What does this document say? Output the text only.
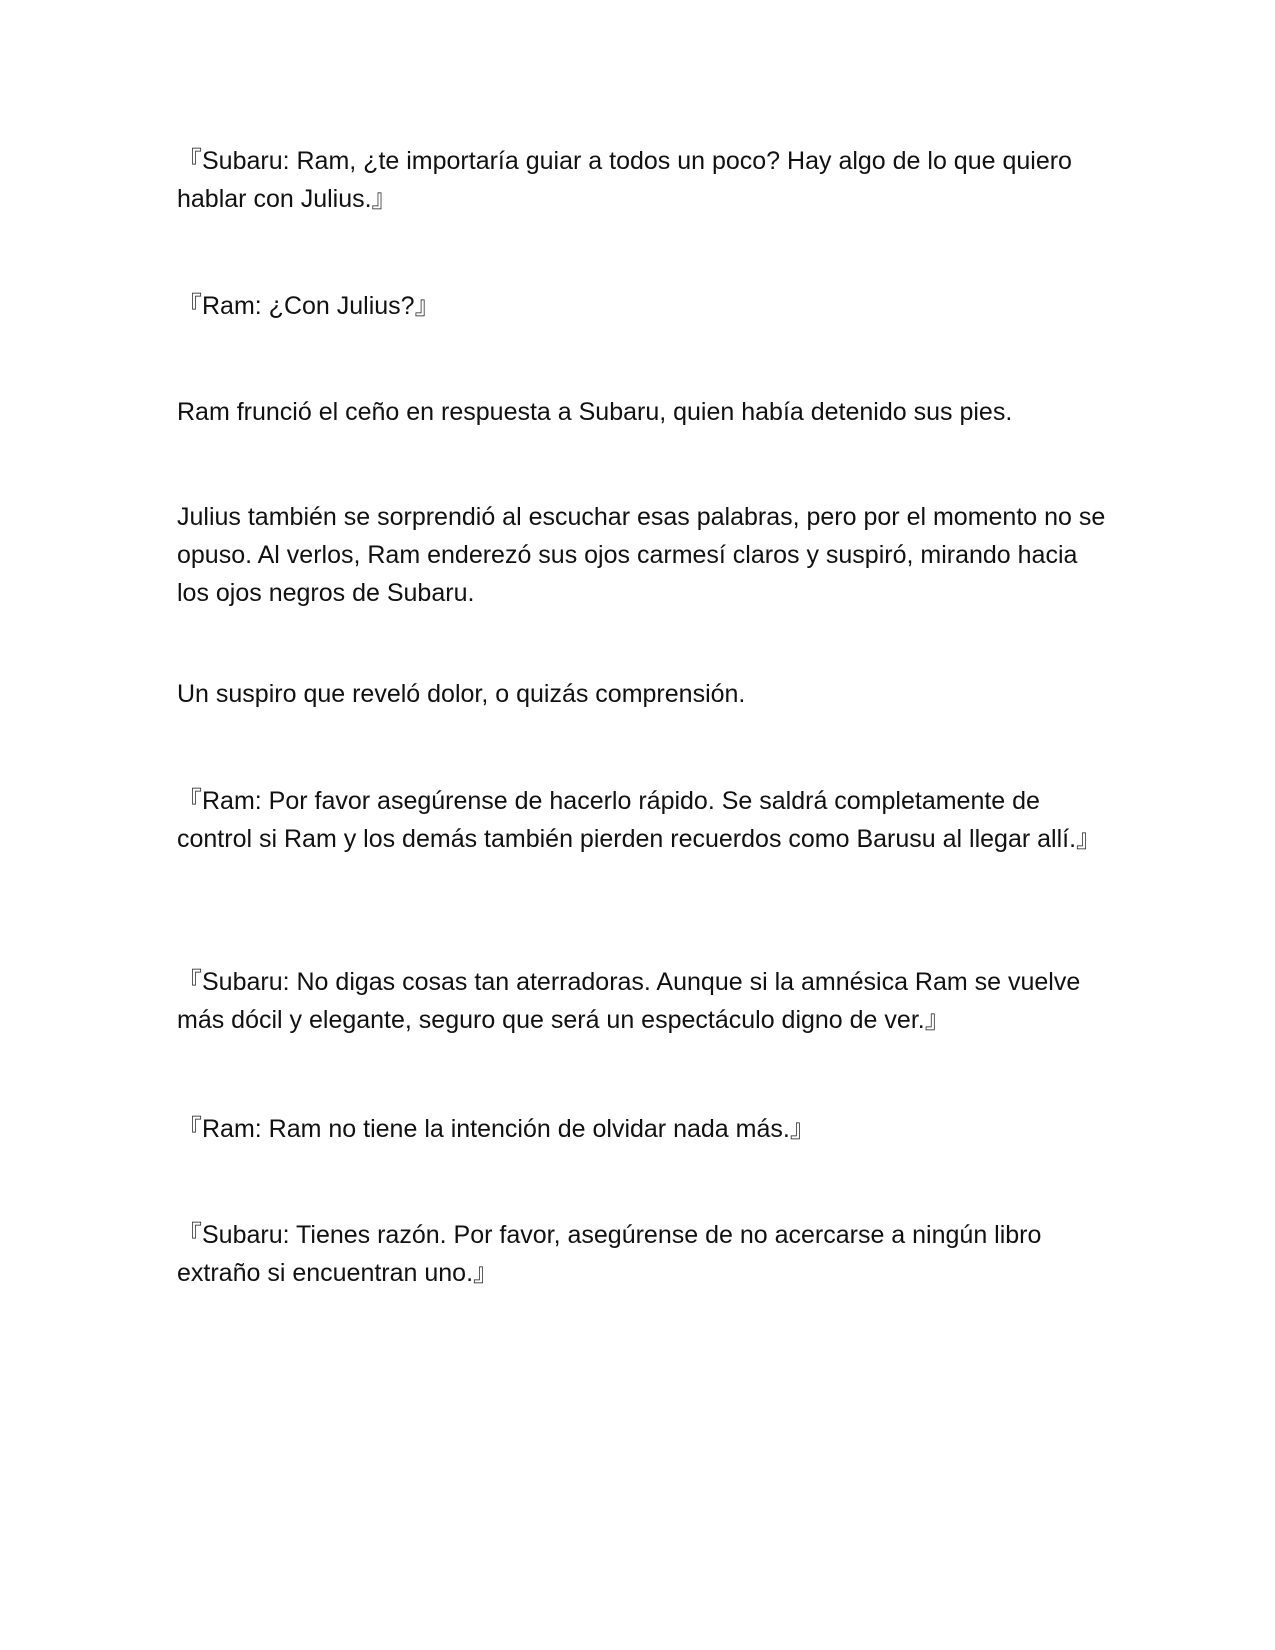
『Subaru: Ram, ¿te importaría guiar a todos un poco? Hay algo de lo que quiero hablar con Julius.』

『Ram: ¿Con Julius?』

Ram frunció el ceño en respuesta a Subaru, quien había detenido sus pies.

Julius también se sorprendió al escuchar esas palabras, pero por el momento no se opuso. Al verlos, Ram enderezó sus ojos carmesí claros y suspiró, mirando hacia los ojos negros de Subaru.

Un suspiro que reveló dolor, o quizás comprensión.

『Ram: Por favor asegúrense de hacerlo rápido. Se saldrá completamente de control si Ram y los demás también pierden recuerdos como Barusu al llegar allí.』

『Subaru: No digas cosas tan aterradoras. Aunque si la amnésica Ram se vuelve más dócil y elegante, seguro que será un espectáculo digno de ver.』

『Ram: Ram no tiene la intención de olvidar nada más.』

『Subaru: Tienes razón. Por favor, asegúrense de no acercarse a ningún libro extraño si encuentran uno.』
